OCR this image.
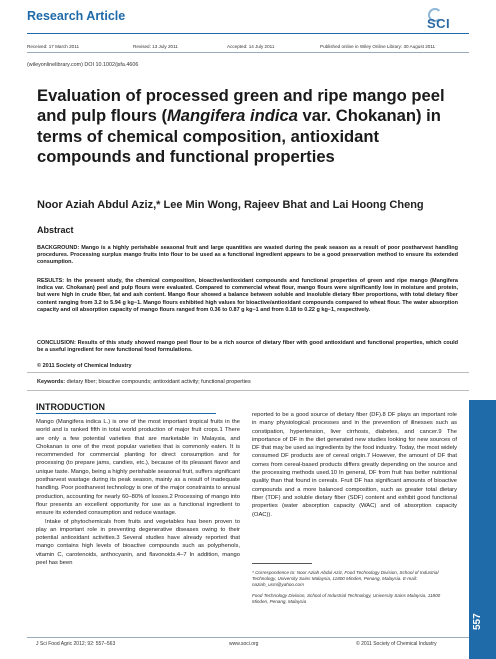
Research Article	SCI
Received: 17 March 2011	Revised: 13 July 2011	Accepted: 14 July 2011	Published online in Wiley Online Library: 30 August 2011
(wileyonlinelibrary.com) DOI 10.1002/jsfa.4606
Evaluation of processed green and ripe mango peel and pulp flours (Mangifera indica var. Chokanan) in terms of chemical composition, antioxidant compounds and functional properties
Noor Aziah Abdul Aziz,* Lee Min Wong, Rajeev Bhat and Lai Hoong Cheng
Abstract
BACKGROUND: Mango is a highly perishable seasonal fruit and large quantities are wasted during the peak season as a result of poor postharvest handling procedures. Processing surplus mango fruits into flour to be used as a functional ingredient appears to be a good preservation method to ensure its extended consumption.
RESULTS: In the present study, the chemical composition, bioactive/antioxidant compounds and functional properties of green and ripe mango (Mangifera indica var. Chokanan) peel and pulp flours were evaluated. Compared to commercial wheat flour, mango flours were significantly low in moisture and protein, but were high in crude fiber, fat and ash content. Mango flour showed a balance between soluble and insoluble dietary fiber proportions, with total dietary fiber content ranging from 3.2 to 5.94 g kg−1. Mango flours exhibited high values for bioactive/antioxidant compounds compared to wheat flour. The water absorption capacity and oil absorption capacity of mango flours ranged from 0.36 to 0.87 g kg−1 and from 0.18 to 0.22 g kg−1, respectively.
CONCLUSION: Results of this study showed mango peel flour to be a rich source of dietary fiber with good antioxidant and functional properties, which could be a useful ingredient for new functional food formulations.
© 2011 Society of Chemical Industry
Keywords: dietary fiber; bioactive compounds; antioxidant activity; functional properties
INTRODUCTION

Mango (Mangifera indica L.) is one of the most important tropical fruits in the world and is ranked fifth in total world production of major fruit crops.1 There are only a few potential varieties that are marketable in Malaysia, and Chokanan is one of the most popular varieties that is commonly eaten. It is recommended for commercial planting for direct consumption and for processing (to prepare jams, candies, etc.), because of its pleasant flavor and unique taste. Mango, being a highly perishable seasonal fruit, suffers significant postharvest wastage during its peak season, mainly as a result of inadequate handling. Poor postharvest technology is one of the major constraints to annual production, accounting for nearly 60–80% of losses.2 Processing of mango into flour presents an excellent opportunity for use as a functional ingredient to ensure its extended consumption and reduce wastage.

Intake of phytochemicals from fruits and vegetables has been proven to play an important role in preventing degenerative diseases owing to their potential antioxidant activities.3 Several studies have already reported that mango contains high levels of bioactive compounds such as polyphenols, vitamin C, carotenoids, anthocyanin, and flavonoids.4–7 In addition, mango peel has been

reported to be a good source of dietary fiber (DF).8 DF plays an important role in many physiological processes and in the prevention of illnesses such as constipation, hypertension, liver cirrhosis, diabetes, and cancer.9 The importance of DF in the diet generated new studies looking for new sources of DF that may be used as ingredients by the food industry. Today, the most widely consumed DF products are of cereal origin.7 However, the amount of DF that comes from cereal-based products differs greatly depending on the source and the processing methods used.10 In general, DF from fruit has better nutritional quality than that found in cereals. Fruit DF has significant amounts of bioactive compounds and a more balanced composition, such as greater total dietary fiber (TDF) and soluble dietary fiber (SDF) content and exhibit good functional properties (water absorption capacity (WAC) and oil absorption capacity (OAC)).

* Correspondence to: Noor Aziah Abdul Aziz, Food Technology Division, School of Industrial Technology, University Sains Malaysia, 11800 Minden, Penang, Malaysia. E-mail: naziah_usm@yahoo.com

Food Technology Division, School of Industrial Technology, University Sains Malaysia, 11800 Minden, Penang, Malaysia

557
J Sci Food Agric 2012; 92: 557–563	www.soci.org	© 2011 Society of Chemical Industry
